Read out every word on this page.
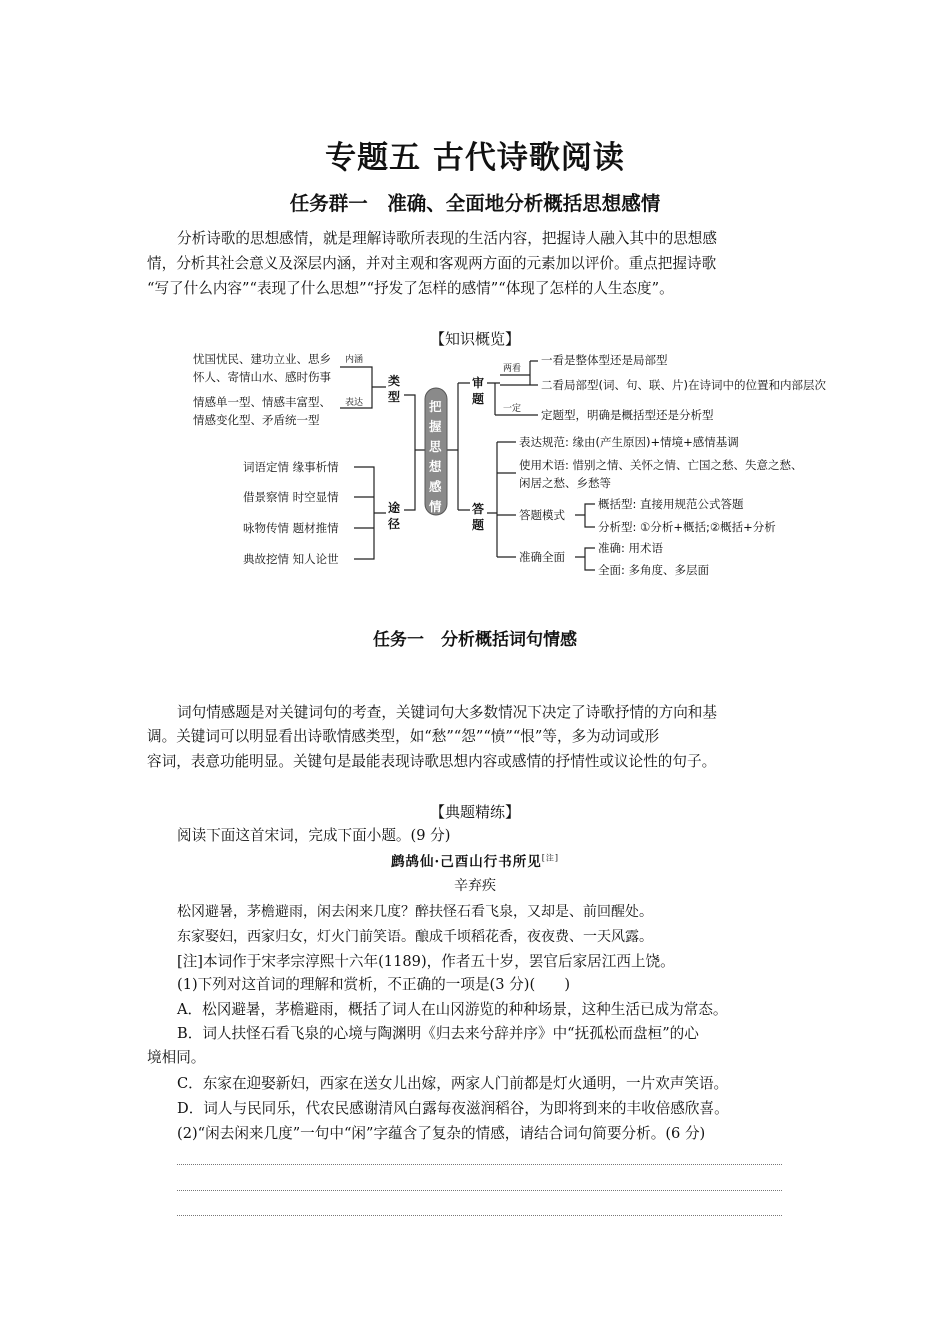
专题五 古代诗歌阅读
任务群一　准确、全面地分析概括思想感情
分析诗歌的思想感情，就是理解诗歌所表现的生活内容，把握诗人融入其中的思想感
情，分析其社会意义及深层内涵，并对主观和客观两方面的元素加以评价。重点把握诗歌
“写了什么内容”“表现了什么思想”“抒发了怎样的感情”“体现了怎样的人生态度”。
【知识概览】
忧国忧民、建功立业、思乡
怀人、寄情山水、感时伤事
内涵
情感单一型、情感丰富型、
情感变化型、矛盾统一型
表达
类
型
词语定情 缘事析情
借景察情 时空显情
咏物传情 题材推情
典故挖情 知人论世
途
径
把
握
思
想
感
情
审
题
两看
一看是整体型还是局部型
二看局部型(词、句、联、片)在诗词中的位置和内部层次
一定 定题型，明确是概括型还是分析型
答
题
表达规范: 缘由(产生原因)+情境+感情基调
使用术语: 惜别之情、关怀之情、亡国之愁、失意之愁、
闲居之愁、乡愁等
答题模式
概括型: 直接用规范公式答题
分析型: ①分析+概括;②概括+分析
准确全面
准确: 用术语
全面: 多角度、多层面
任务一　分析概括词句情感
词句情感题是对关键词句的考查，关键词句大多数情况下决定了诗歌抒情的方向和基
调。关键词可以明显看出诗歌情感类型，如“愁”“怨”“愤”“恨”等，多为动词或形
容词，表意功能明显。关键句是最能表现诗歌思想内容或感情的抒情性或议论性的句子。
【典题精练】
阅读下面这首宋词，完成下面小题。(9 分)
鹧鸪仙·己酉山行书所见[注]
辛弃疾
松冈避暑，茅檐避雨，闲去闲来几度？醉扶怪石看飞泉，又却是、前回醒处。
东家娶妇，西家归女，灯火门前笑语。酿成千顷稻花香，夜夜费、一天风露。
[注]本词作于宋孝宗淳熙十六年(1189)，作者五十岁，罢官后家居江西上饶。
(1)下列对这首词的理解和赏析，不正确的一项是(3 分)(　　)
A．松冈避暑，茅檐避雨，概括了词人在山冈游览的种种场景，这种生活已成为常态。
B．词人扶怪石看飞泉的心境与陶渊明《归去来兮辞并序》中“抚孤松而盘桓”的心
境相同。
C．东家在迎娶新妇，西家在送女儿出嫁，两家人门前都是灯火通明，一片欢声笑语。
D．词人与民同乐，代农民感谢清风白露每夜滋润稻谷，为即将到来的丰收倍感欣喜。
(2)“闲去闲来几度”一句中“闲”字蕴含了复杂的情感，请结合词句简要分析。(6 分)
